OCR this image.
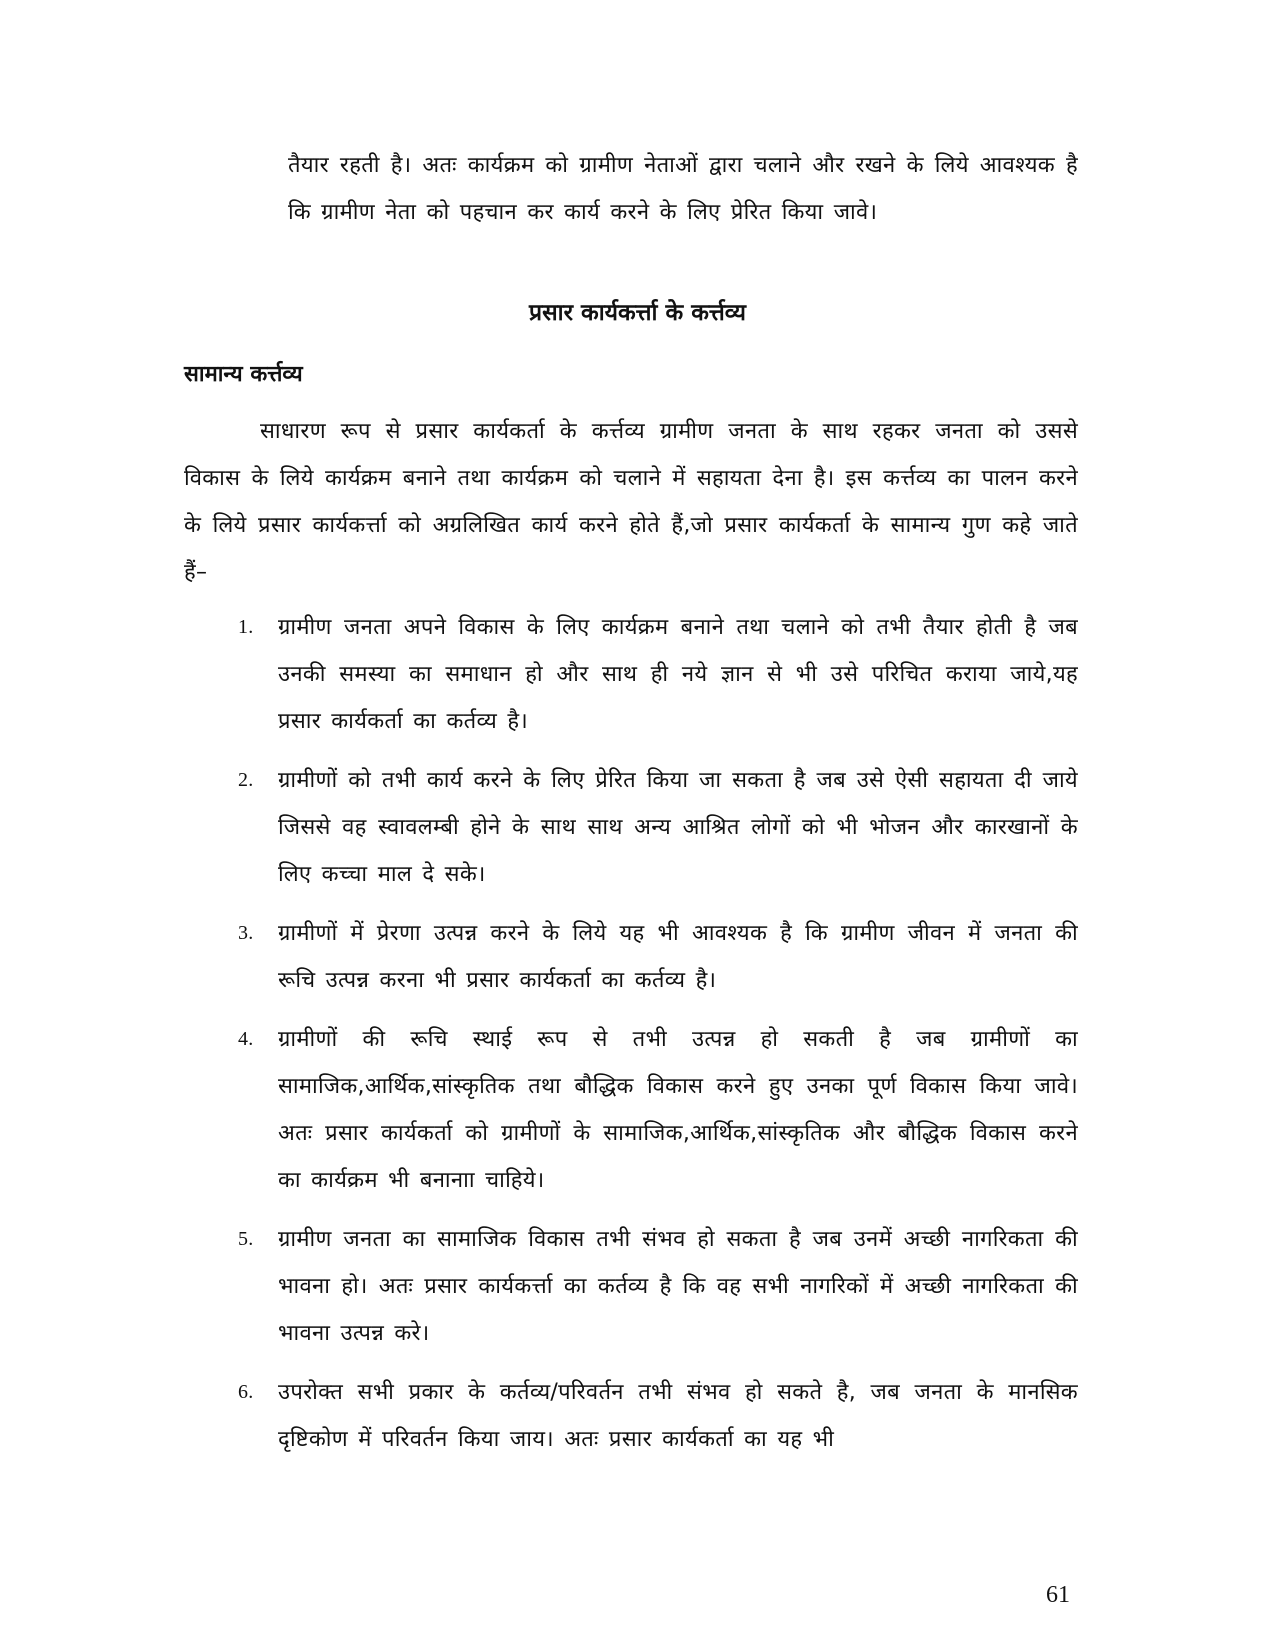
तैयार रहती है। अतः कार्यक्रम को ग्रामीण नेताओं द्वारा चलाने और रखने के लिये आवश्यक है कि ग्रामीण नेता को पहचान कर कार्य करने के लिए प्रेरित किया जावे।

प्रसार कार्यकर्त्ता के कर्त्तव्य
सामान्य कर्त्तव्य

साधारण रूप से प्रसार कार्यकर्ता के कर्त्तव्य ग्रामीण जनता के साथ रहकर जनता को उससे विकास के लिये कार्यक्रम बनाने तथा कार्यक्रम को चलाने में सहायता देना है। इस कर्त्तव्य का पालन करने के लिये प्रसार कार्यकर्त्ता को अग्रलिखित कार्य करने होते हैं,जो प्रसार कार्यकर्ता के सामान्य गुण कहे जाते हैं–

1. ग्रामीण जनता अपने विकास के लिए कार्यक्रम बनाने तथा चलाने को तभी तैयार होती है जब उनकी समस्या का समाधान हो और साथ ही नये ज्ञान से भी उसे परिचित कराया जाये,यह प्रसार कार्यकर्ता का कर्तव्य है।
2. ग्रामीणों को तभी कार्य करने के लिए प्रेरित किया जा सकता है जब उसे ऐसी सहायता दी जाये जिससे वह स्वावलम्बी होने के साथ साथ अन्य आश्रित लोगों को भी भोजन और कारखानों के लिए कच्चा माल दे सके।
3. ग्रामीणों में प्रेरणा उत्पन्न करने के लिये यह भी आवश्यक है कि ग्रामीण जीवन में जनता की रूचि उत्पन्न करना भी प्रसार कार्यकर्ता का कर्तव्य है।
4. ग्रामीणों की रूचि स्थाई रूप से तभी उत्पन्न हो सकती है जब ग्रामीणों का सामाजिक,आर्थिक,सांस्कृतिक तथा बौद्धिक विकास करने हुए उनका पूर्ण विकास किया जावे। अतः प्रसार कार्यकर्ता को ग्रामीणों के सामाजिक,आर्थिक,सांस्कृतिक और बौद्धिक विकास करने का कार्यक्रम भी बनानाा चाहिये।
5. ग्रामीण जनता का सामाजिक विकास तभी संभव हो सकता है जब उनमें अच्छी नागरिकता की भावना हो। अतः प्रसार कार्यकर्त्ता का कर्तव्य है कि वह सभी नागरिकों में अच्छी नागरिकता की भावना उत्पन्न करे।
6. उपरोक्त सभी प्रकार के कर्तव्य/परिवर्तन तभी संभव हो सकते है, जब जनता के मानसिक दृष्टिकोण में परिवर्तन किया जाय। अतः प्रसार कार्यकर्ता का यह भी

61
